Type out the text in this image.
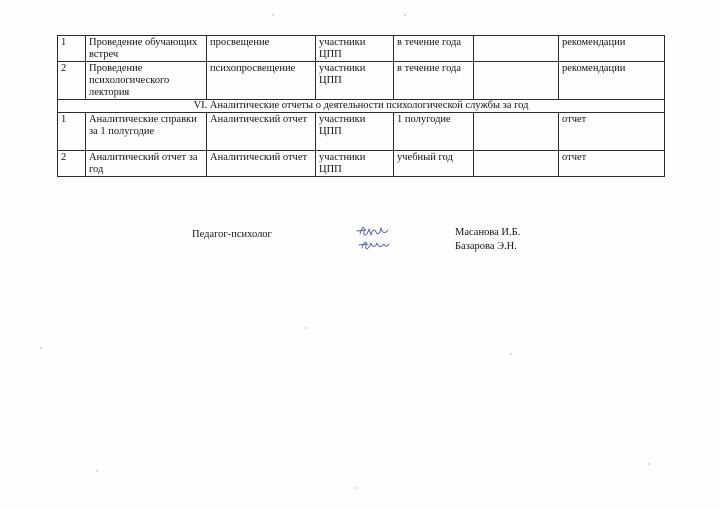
1	Проведение обучающих встреч	просвещение	участники ЦПП	в течение года		рекомендации
2	Проведение психологического лектория	психопросвещение	участники ЦПП	в течение года		рекомендации
VI. Аналитические отчеты о деятельности психологической службы за год						
1	Аналитические справки за 1 полугодие	Аналитический отчет	участники ЦПП	1 полугодие		отчет
2	Аналитический отчет за год	Аналитический отчет	участники ЦПП	учебный год		отчет
Педагог-психолог	Масанова И.Б.
Базарова Э.Н.
